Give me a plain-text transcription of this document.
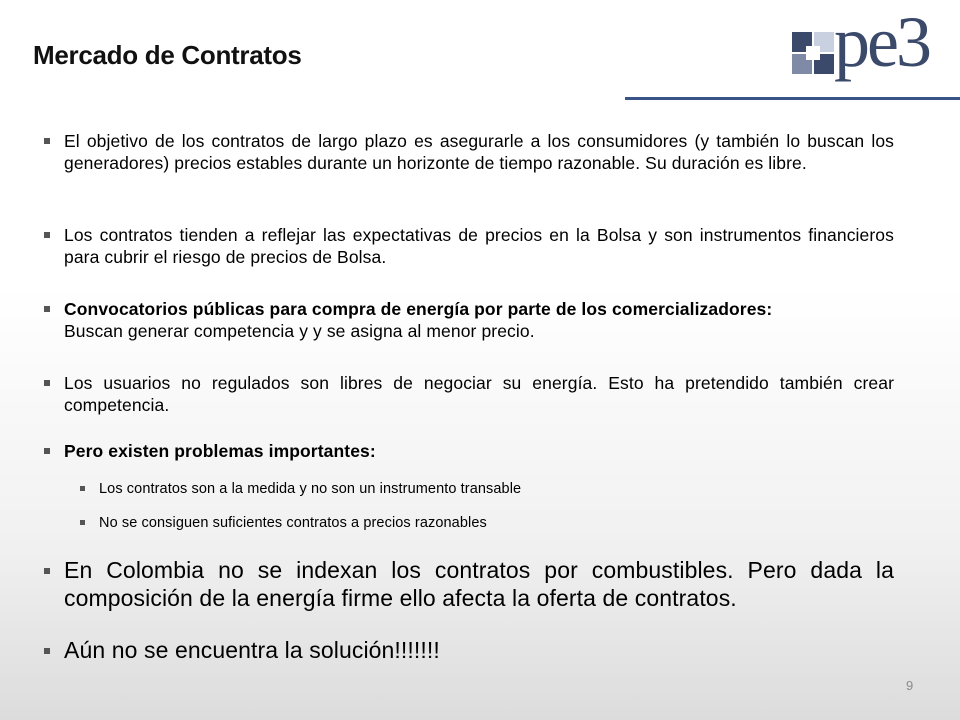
Mercado de Contratos	pe3
El objetivo de los contratos de largo plazo es asegurarle a los consumidores (y también lo buscan los generadores) precios estables durante un horizonte de tiempo razonable. Su duración es libre.
Los contratos tienden a reflejar las expectativas de precios en la Bolsa y son instrumentos financieros para cubrir el riesgo de precios de Bolsa.
Convocatorios públicas para compra de energía por parte de los comercializadores:
Buscan generar competencia y y se asigna al menor precio.
Los usuarios no regulados son libres de negociar su energía. Esto ha pretendido también crear competencia.
Pero existen problemas importantes:
Los contratos son a la medida y no son un instrumento transable
No se consiguen suficientes contratos a precios razonables
En Colombia no se indexan los contratos por combustibles. Pero dada la composición de la energía firme ello afecta la oferta de contratos.
Aún no se encuentra la solución!!!!!!!
9
